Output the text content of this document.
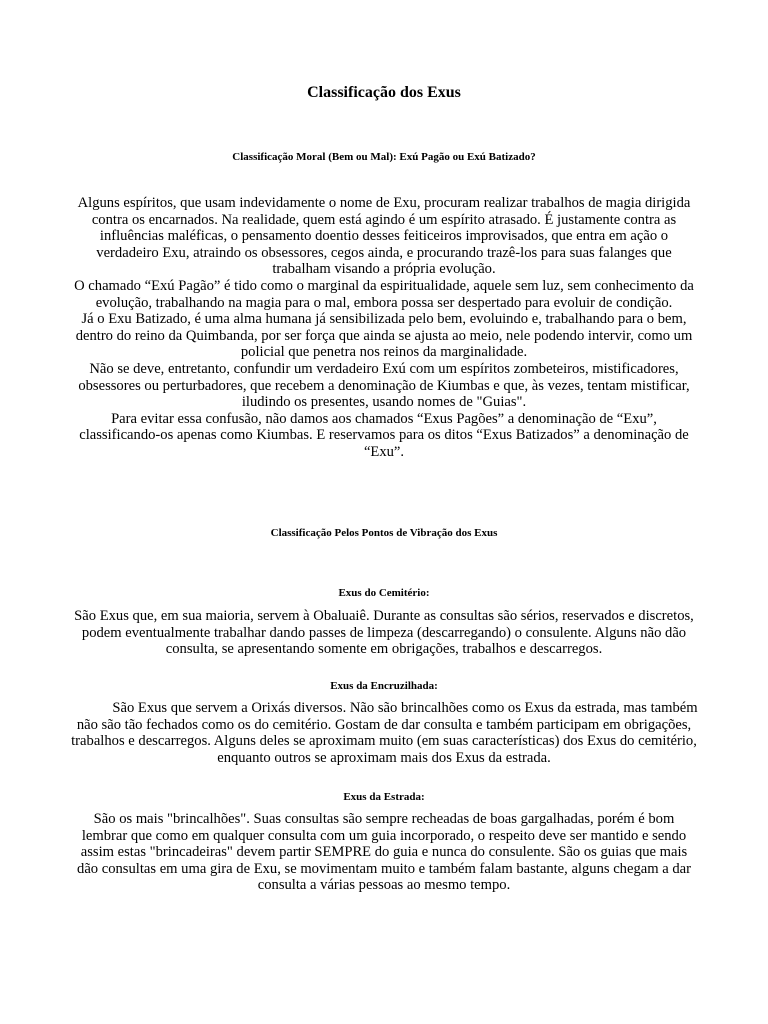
Classificação dos Exus
Classificação Moral (Bem ou Mal): Exú Pagão ou Exú Batizado?

Alguns espíritos, que usam indevidamente o nome de Exu, procuram realizar trabalhos de magia dirigida contra os encarnados. Na realidade, quem está agindo é um espírito atrasado. É justamente contra as influências maléficas, o pensamento doentio desses feiticeiros improvisados, que entra em ação o verdadeiro Exu, atraindo os obsessores, cegos ainda, e procurando trazê-los para suas falanges que trabalham visando a própria evolução.

O chamado “Exú Pagão” é tido como o marginal da espiritualidade, aquele sem luz, sem conhecimento da evolução, trabalhando na magia para o mal, embora possa ser despertado para evoluir de condição.

Já o Exu Batizado, é uma alma humana já sensibilizada pelo bem, evoluindo e, trabalhando para o bem, dentro do reino da Quimbanda, por ser força que ainda se ajusta ao meio, nele podendo intervir, como um policial que penetra nos reinos da marginalidade.

Não se deve, entretanto, confundir um verdadeiro Exú com um espíritos zombeteiros, mistificadores, obsessores ou perturbadores, que recebem a denominação de Kiumbas e que, às vezes, tentam mistificar, iludindo os presentes, usando nomes de "Guias".

Para evitar essa confusão, não damos aos chamados “Exus Pagões” a denominação de “Exu”, classificando-os apenas como Kiumbas. E reservamos para os ditos “Exus Batizados” a denominação de “Exu”.

Classificação Pelos Pontos de Vibração dos Exus
Exus do Cemitério:

São Exus que, em sua maioria, servem à Obaluaiê. Durante as consultas são sérios, reservados e discretos, podem eventualmente trabalhar dando passes de limpeza (descarregando) o consulente. Alguns não dão consulta, se apresentando somente em obrigações, trabalhos e descarregos.

Exus da Encruzilhada:

São Exus que servem a Orixás diversos. Não são brincalhões como os Exus da estrada, mas também não são tão fechados como os do cemitério. Gostam de dar consulta e também participam em obrigações, trabalhos e descarregos. Alguns deles se aproximam muito (em suas características) dos Exus do cemitério, enquanto outros se aproximam mais dos Exus da estrada.

Exus da Estrada:

São os mais "brincalhões". Suas consultas são sempre recheadas de boas gargalhadas, porém é bom lembrar que como em qualquer consulta com um guia incorporado, o respeito deve ser mantido e sendo assim estas "brincadeiras" devem partir SEMPRE do guia e nunca do consulente. São os guias que mais dão consultas em uma gira de Exu, se movimentam muito e também falam bastante, alguns chegam a dar consulta a várias pessoas ao mesmo tempo.
